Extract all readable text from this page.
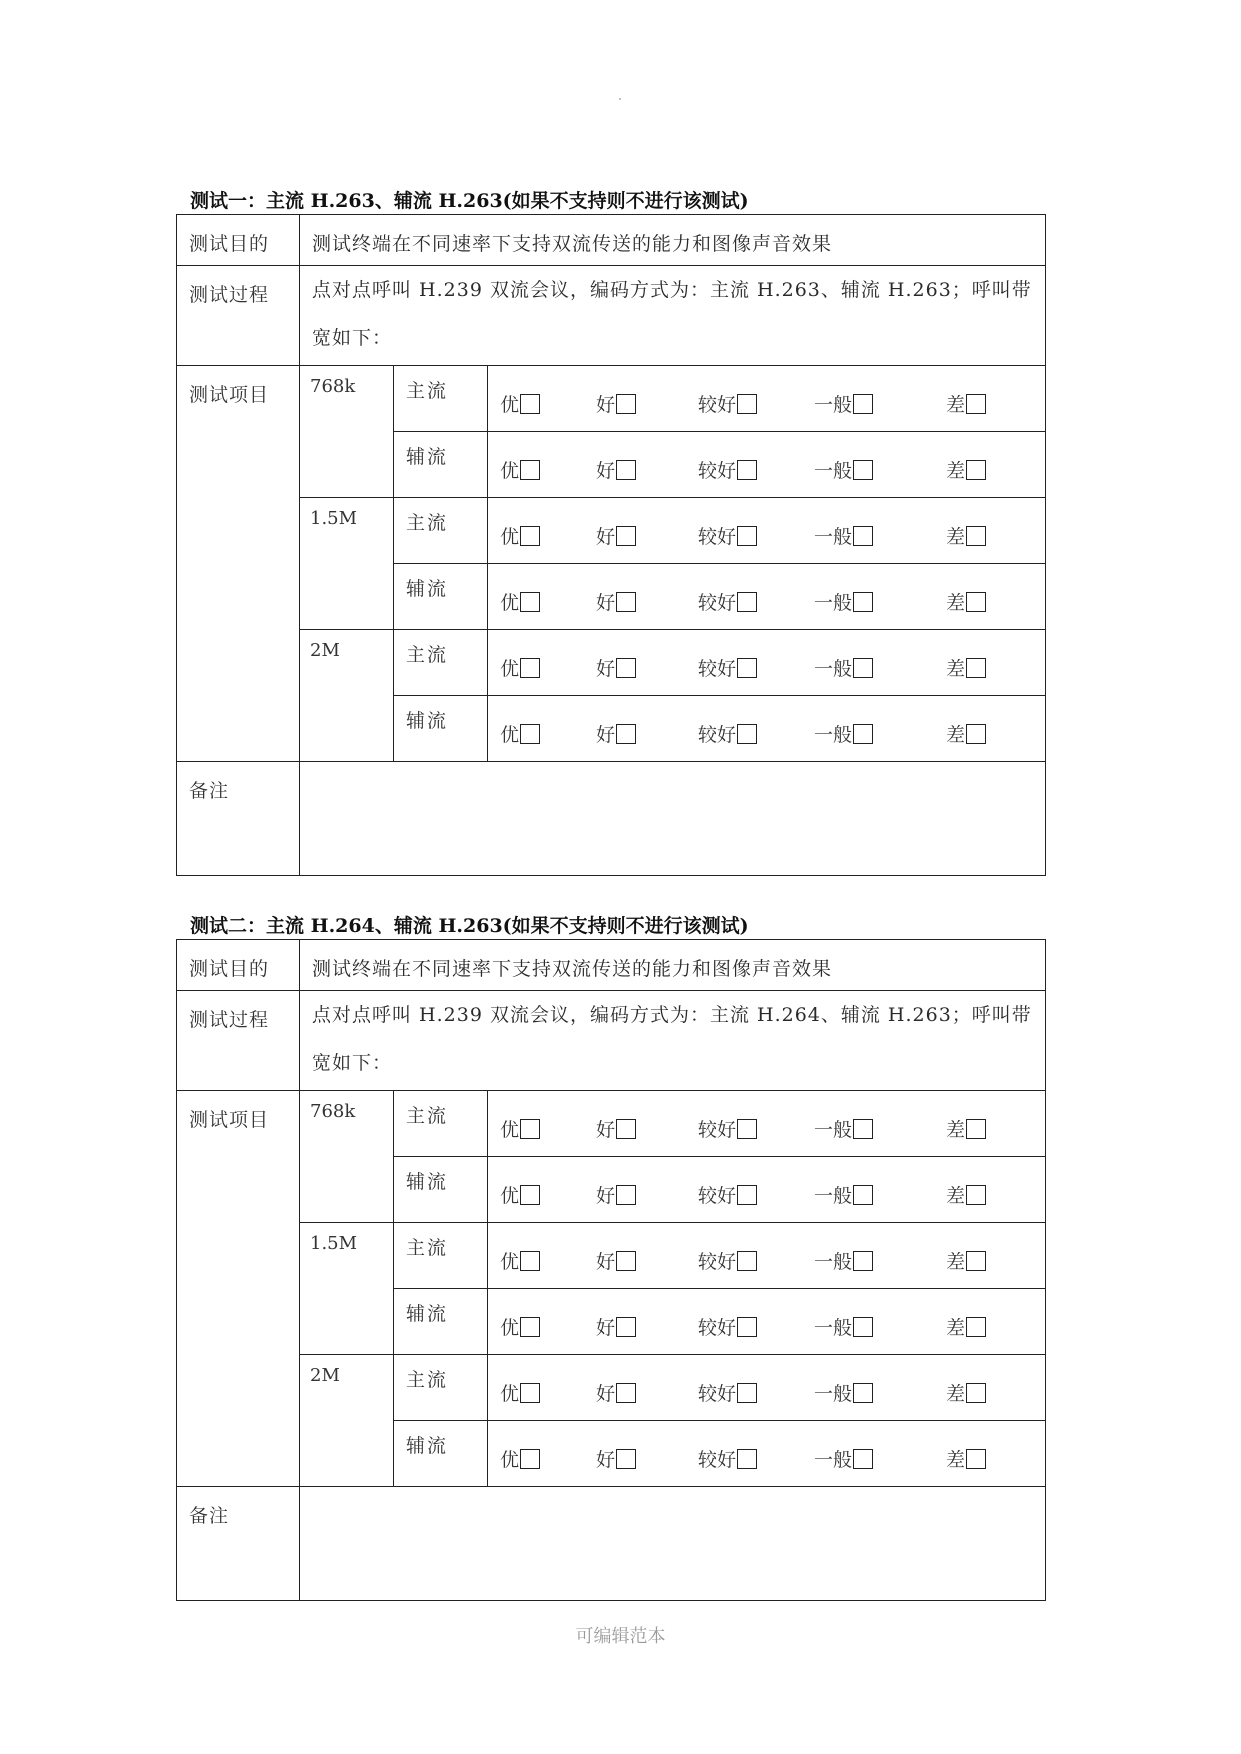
测试一：主流 H.263、辅流 H.263(如果不支持则不进行该测试)
测试目的	测试终端在不同速率下支持双流传送的能力和图像声音效果		

测试过程	点对点呼叫 H.239 双流会议，编码方式为：主流 H.263、辅流 H.263；呼叫带宽如下：		

测试项目	768k	主流	优 好 较好 一般 差

		辅流	优 好 较好 一般 差

	1.5M	主流	优 好 较好 一般 差

		辅流	优 好 较好 一般 差

	2M	主流	优 好 较好 一般 差

		辅流	优 好 较好 一般 差

备注			

测试二：主流 H.264、辅流 H.263(如果不支持则不进行该测试)
测试目的	测试终端在不同速率下支持双流传送的能力和图像声音效果		

测试过程	点对点呼叫 H.239 双流会议，编码方式为：主流 H.264、辅流 H.263；呼叫带宽如下：		

测试项目	768k	主流	优 好 较好 一般 差

		辅流	优 好 较好 一般 差

	1.5M	主流	优 好 较好 一般 差

		辅流	优 好 较好 一般 差

	2M	主流	优 好 较好 一般 差

		辅流	优 好 较好 一般 差

备注			

可编辑范本
